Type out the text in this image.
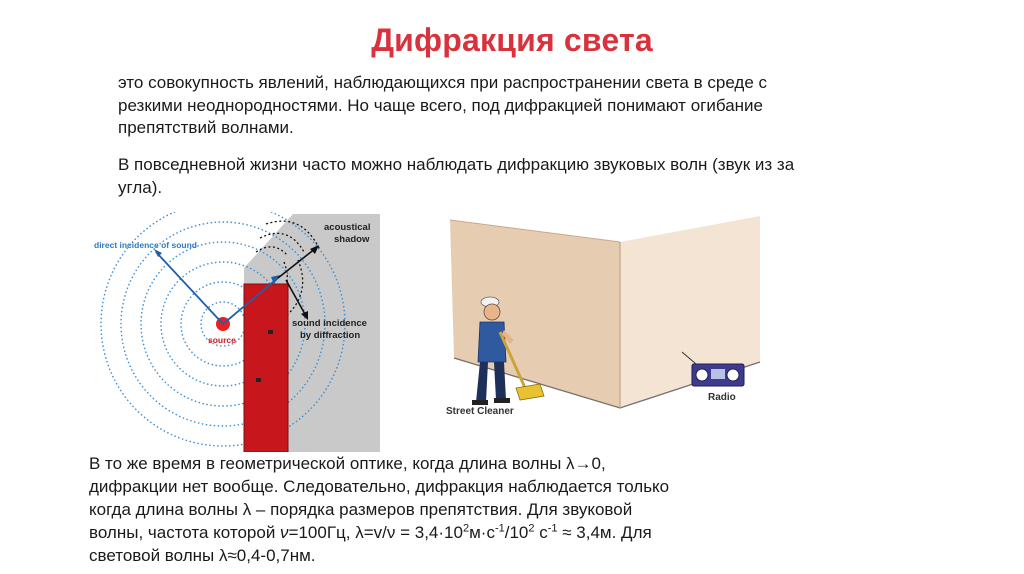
Дифракция света

это совокупность явлений, наблюдающихся при распространении света в среде с резкими неоднородностями. Но чаще всего, под дифракцией понимают огибание препятствий волнами.

В повседневной жизни часто можно наблюдать дифракцию звуковых волн (звук из за угла).

source
direct incidence of sound
acoustical
shadow
sound incidence
by diffraction
Street Cleaner
Radio

В то же время в геометрической оптике, когда длина волны λ→0,
дифракции нет вообще. Следовательно, дифракция наблюдается только
когда длина волны λ – порядка размеров препятствия. Для звуковой
волны, частота которой ν=100Гц, $\lambda=v/\nu = 3,4\cdot 10^2м\cdot с^{-1}/10^2$ $с^{-1} \approx 3,4м$. Для
световой волны λ≈0,4-0,7нм.
